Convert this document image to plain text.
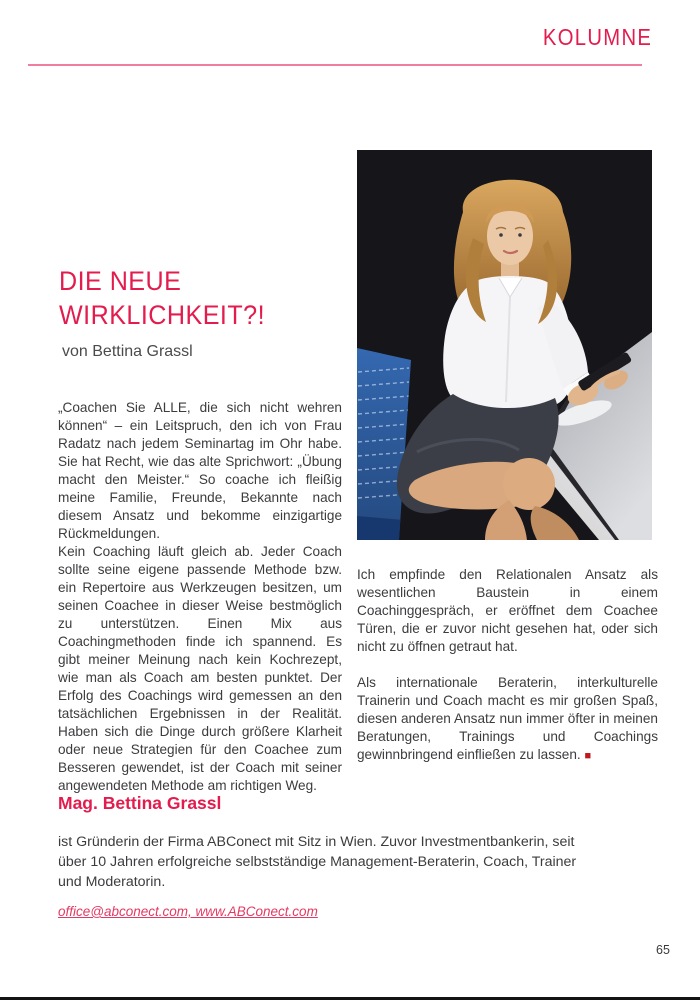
KOLUMNE
DIE NEUE
WIRKLICHKEIT?!
von Bettina Grassl

„Coachen Sie ALLE, die sich nicht wehren können“ – ein Leitspruch, den ich von Frau Radatz nach jedem Seminartag im Ohr habe. Sie hat Recht, wie das alte Sprichwort: „Übung macht den Meister.“ So coache ich fleißig meine Familie, Freunde, Bekannte nach diesem Ansatz und bekomme einzigartige Rückmeldungen.

Kein Coaching läuft gleich ab. Jeder Coach sollte seine eigene passende Methode bzw. ein Repertoire aus Werkzeugen besitzen, um seinen Coachee in dieser Weise bestmöglich zu unterstützen. Einen Mix aus Coachingmethoden finde ich spannend. Es gibt meiner Meinung nach kein Kochrezept, wie man als Coach am besten punktet. Der Erfolg des Coachings wird gemessen an den tatsächlichen Ergebnissen in der Realität. Haben sich die Dinge durch größere Klarheit oder neue Strategien für den Coachee zum Besseren gewendet, ist der Coach mit seiner angewendeten Methode am richtigen Weg.

Ich empfinde den Relationalen Ansatz als wesentlichen Baustein in einem Coachinggespräch, er eröffnet dem Coachee Türen, die er zuvor nicht gesehen hat, oder sich nicht zu öffnen getraut hat.

Als internationale Beraterin, interkulturelle Trainerin und Coach macht es mir großen Spaß, diesen anderen Ansatz nun immer öfter in meinen Beratungen, Trainings und Coachings gewinnbringend einfließen zu lassen. ■

Mag. Bettina Grassl
ist Gründerin der Firma ABConect mit Sitz in Wien. Zuvor Investmentbankerin, seit über 10 Jahren erfolgreiche selbstständige Management-Beraterin, Coach, Trainer und Moderatorin.
office@abconect.com, www.ABConect.com
65
